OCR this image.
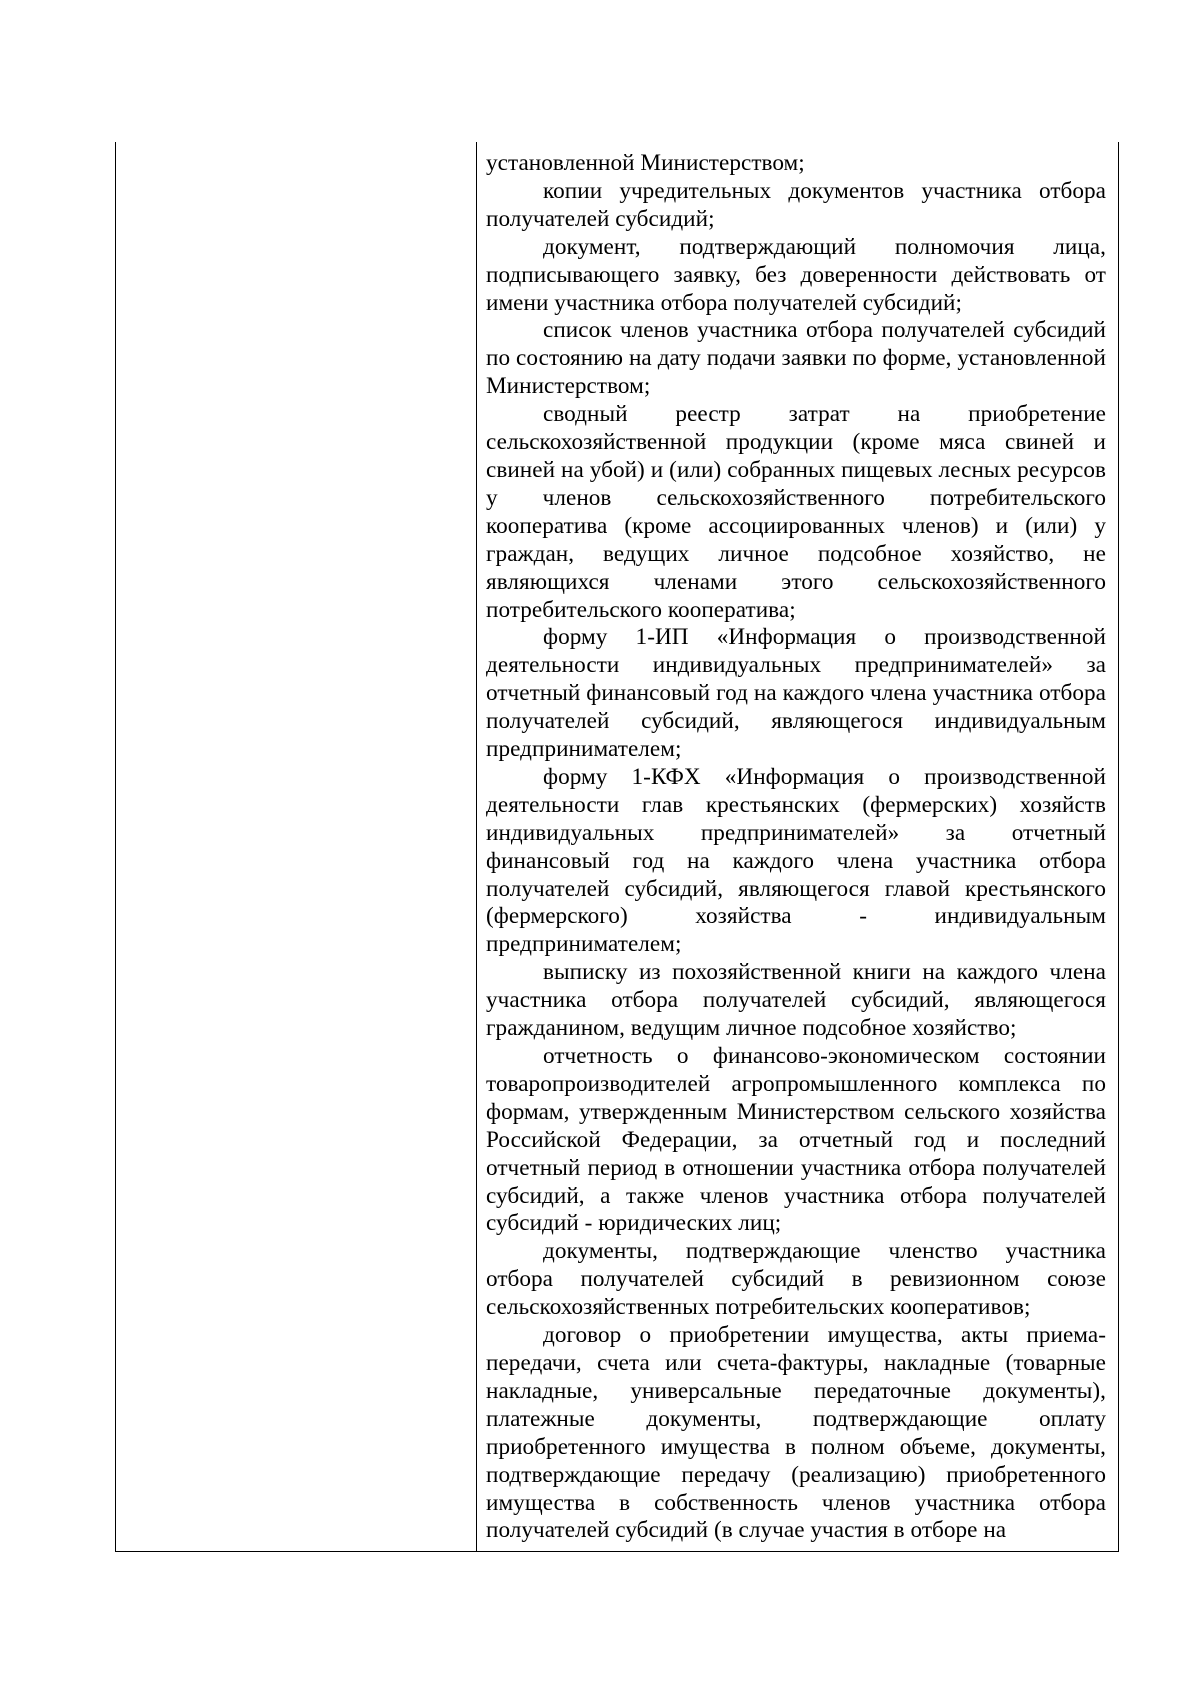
установленной Министерством;

копии учредительных документов участника отбора получателей субсидий;

документ, подтверждающий полномочия лица, подписывающего заявку, без доверенности действовать от имени участника отбора получателей субсидий;

список членов участника отбора получателей субсидий по состоянию на дату подачи заявки по форме, установленной Министерством;

сводный реестр затрат на приобретение сельскохозяйственной продукции (кроме мяса свиней и свиней на убой) и (или) собранных пищевых лесных ресурсов у членов сельскохозяйственного потребительского кооператива (кроме ассоциированных членов) и (или) у граждан, ведущих личное подсобное хозяйство, не являющихся членами этого сельскохозяйственного потребительского кооператива;

форму 1-ИП «Информация о производственной деятельности индивидуальных предпринимателей» за отчетный финансовый год на каждого члена участника отбора получателей субсидий, являющегося индивидуальным предпринимателем;

форму 1-КФХ «Информация о производственной деятельности глав крестьянских (фермерских) хозяйств индивидуальных предпринимателей» за отчетный финансовый год на каждого члена участника отбора получателей субсидий, являющегося главой крестьянского (фермерского) хозяйства - индивидуальным предпринимателем;

выписку из похозяйственной книги на каждого члена участника отбора получателей субсидий, являющегося гражданином, ведущим личное подсобное хозяйство;

отчетность о финансово-экономическом состоянии товаропроизводителей агропромышленного комплекса по формам, утвержденным Министерством сельского хозяйства Российской Федерации, за отчетный год и последний отчетный период в отношении участника отбора получателей субсидий, а также членов участника отбора получателей субсидий - юридических лиц;

документы, подтверждающие членство участника отбора получателей субсидий в ревизионном союзе сельскохозяйственных потребительских кооперативов;

договор о приобретении имущества, акты приема-передачи, счета или счета-фактуры, накладные (товарные накладные, универсальные передаточные документы), платежные документы, подтверждающие оплату приобретенного имущества в полном объеме, документы, подтверждающие передачу (реализацию) приобретенного имущества в собственность членов участника отбора получателей субсидий (в случае участия в отборе на
